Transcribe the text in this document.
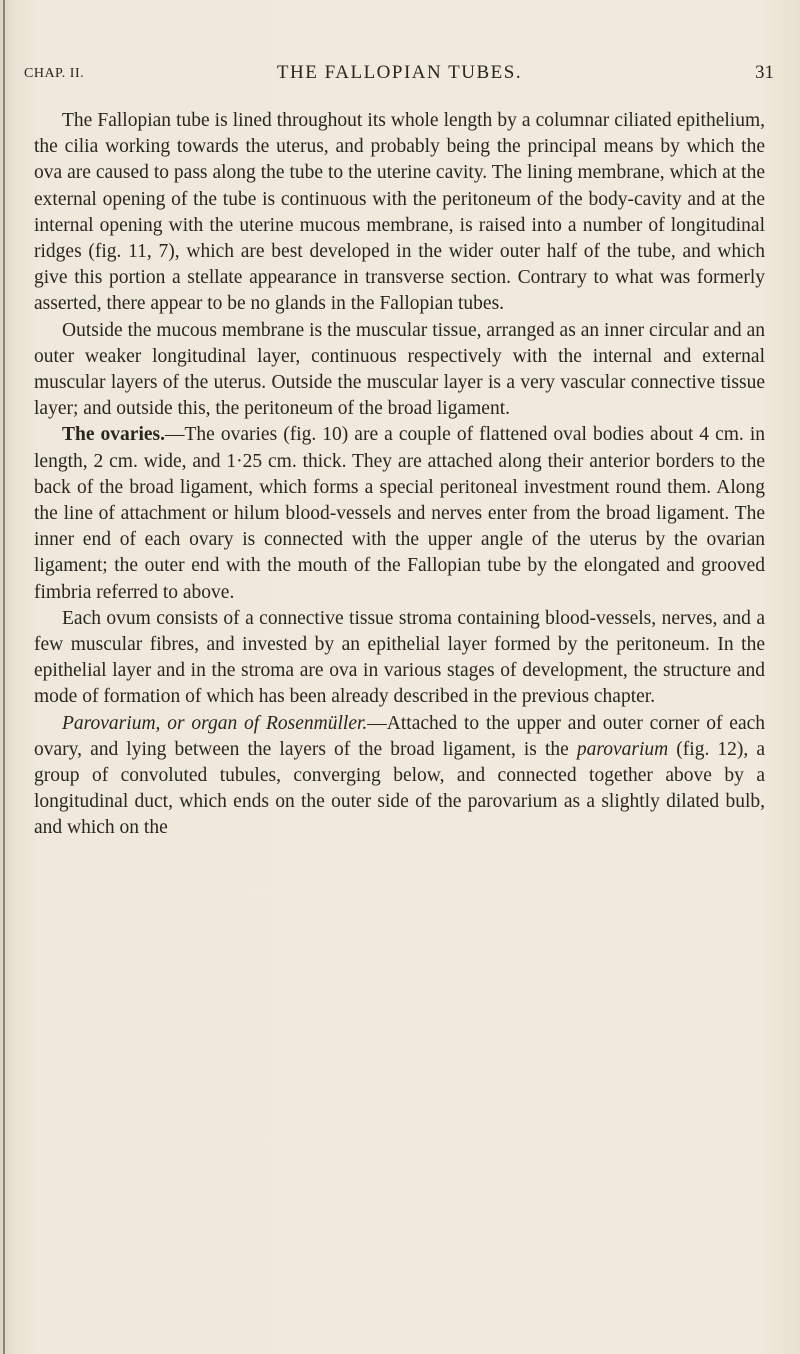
CHAP. II.	THE FALLOPIAN TUBES.	31

The Fallopian tube is lined throughout its whole length by a columnar ciliated epithelium, the cilia working towards the uterus, and probably being the principal means by which the ova are caused to pass along the tube to the uterine cavity. The lining membrane, which at the external opening of the tube is continuous with the peritoneum of the body-cavity and at the internal opening with the uterine mucous membrane, is raised into a number of longitudinal ridges (fig. 11, 7), which are best developed in the wider outer half of the tube, and which give this portion a stellate appearance in transverse section. Contrary to what was formerly asserted, there appear to be no glands in the Fallopian tubes.

Outside the mucous membrane is the muscular tissue, arranged as an inner circular and an outer weaker longitudinal layer, continuous respectively with the internal and external muscular layers of the uterus. Outside the muscular layer is a very vascular connective tissue layer; and outside this, the peritoneum of the broad ligament.

The ovaries.—The ovaries (fig. 10) are a couple of flattened oval bodies about 4 cm. in length, 2 cm. wide, and 1·25 cm. thick. They are attached along their anterior borders to the back of the broad ligament, which forms a special peritoneal investment round them. Along the line of attachment or hilum blood-vessels and nerves enter from the broad ligament. The inner end of each ovary is connected with the upper angle of the uterus by the ovarian ligament; the outer end with the mouth of the Fallopian tube by the elongated and grooved fimbria referred to above.

Each ovum consists of a connective tissue stroma containing blood-vessels, nerves, and a few muscular fibres, and invested by an epithelial layer formed by the peritoneum. In the epithelial layer and in the stroma are ova in various stages of development, the structure and mode of formation of which has been already described in the previous chapter.

Parovarium, or organ of Rosenmüller.—Attached to the upper and outer corner of each ovary, and lying between the layers of the broad ligament, is the parovarium (fig. 12), a group of convoluted tubules, converging below, and connected together above by a longitudinal duct, which ends on the outer side of the parovarium as a slightly dilated bulb, and which on the
